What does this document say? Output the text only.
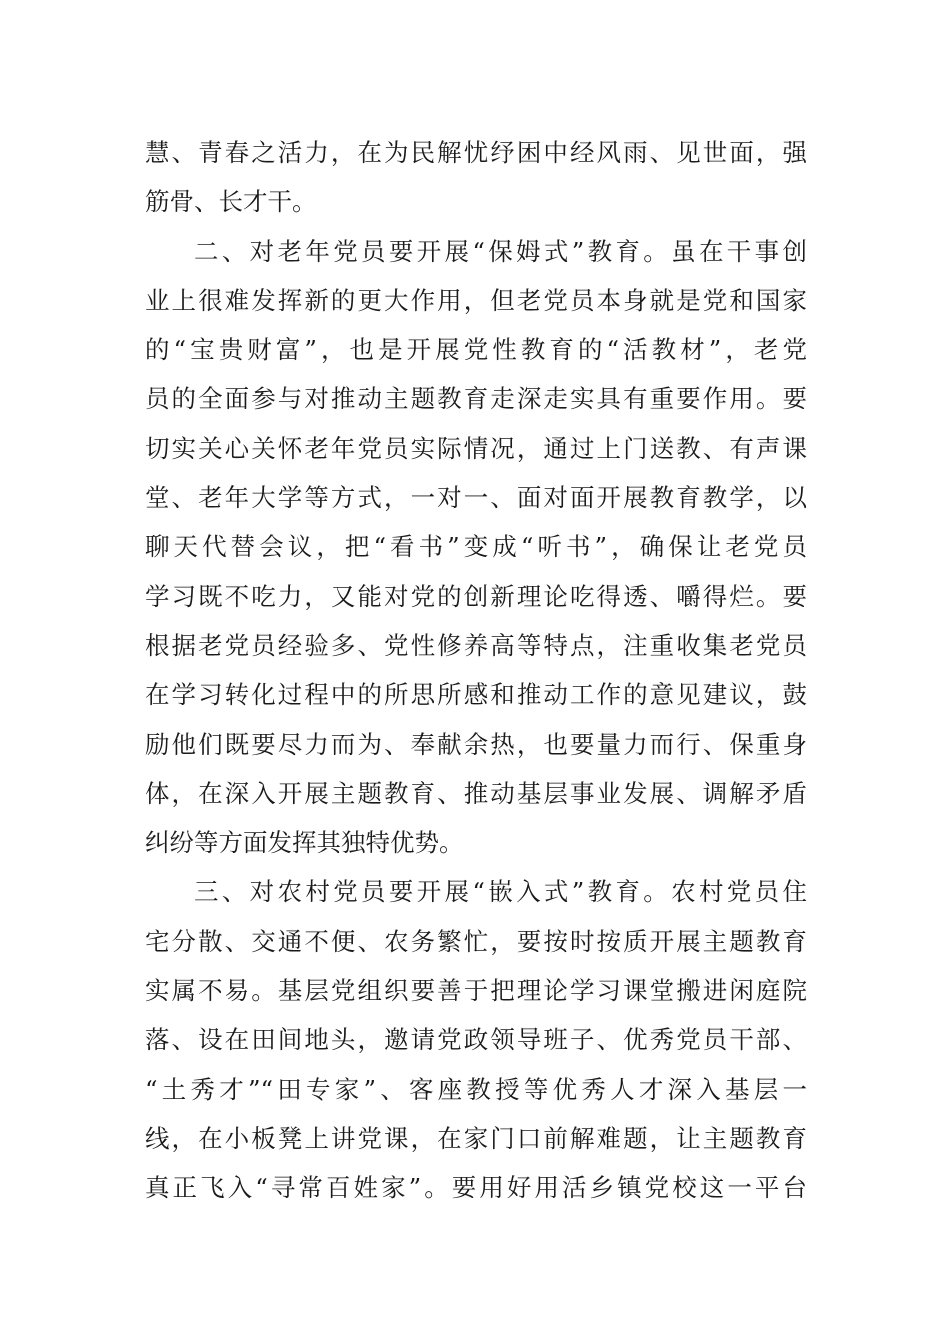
慧、青春之活力，在为民解忧纾困中经风雨、见世面，强
筋骨、长才干。
二、对老年党员要开展“保姆式”教育。虽在干事创
业上很难发挥新的更大作用，但老党员本身就是党和国家
的“宝贵财富”，也是开展党性教育的“活教材”，老党
员的全面参与对推动主题教育走深走实具有重要作用。要
切实关心关怀老年党员实际情况，通过上门送教、有声课
堂、老年大学等方式，一对一、面对面开展教育教学，以
聊天代替会议，把“看书”变成“听书”，确保让老党员
学习既不吃力，又能对党的创新理论吃得透、嚼得烂。要
根据老党员经验多、党性修养高等特点，注重收集老党员
在学习转化过程中的所思所感和推动工作的意见建议，鼓
励他们既要尽力而为、奉献余热，也要量力而行、保重身
体，在深入开展主题教育、推动基层事业发展、调解矛盾
纠纷等方面发挥其独特优势。
三、对农村党员要开展“嵌入式”教育。农村党员住
宅分散、交通不便、农务繁忙，要按时按质开展主题教育
实属不易。基层党组织要善于把理论学习课堂搬进闲庭院
落、设在田间地头，邀请党政领导班子、优秀党员干部、
“土秀才”“田专家”、客座教授等优秀人才深入基层一
线，在小板凳上讲党课，在家门口前解难题，让主题教育
真正飞入“寻常百姓家”。要用好用活乡镇党校这一平台
